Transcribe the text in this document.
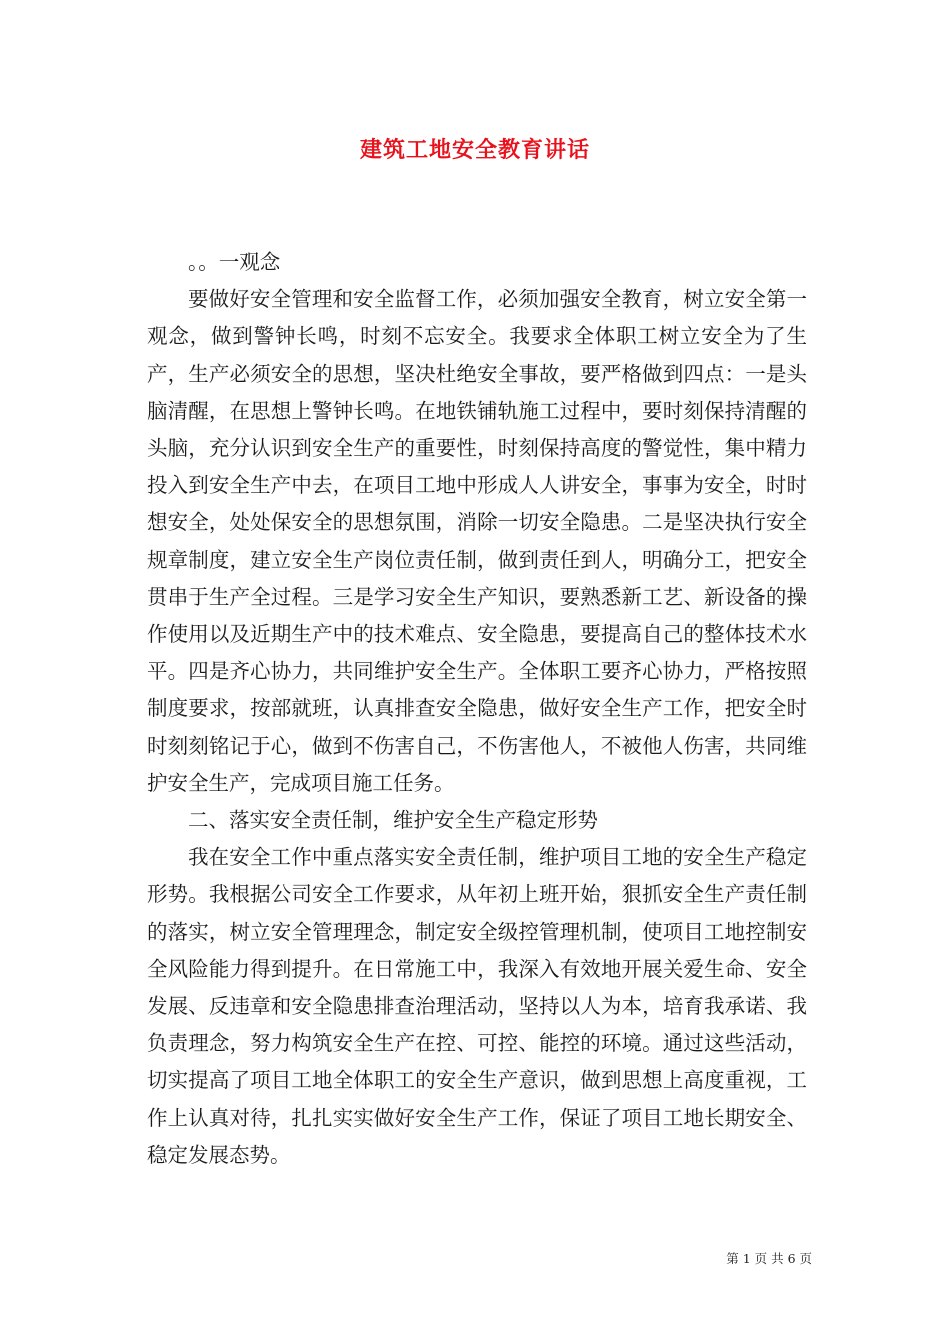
建筑工地安全教育讲话

。。一观念

要做好安全管理和安全监督工作，必须加强安全教育，树立安全第一观念，做到警钟长鸣，时刻不忘安全。我要求全体职工树立安全为了生产，生产必须安全的思想，坚决杜绝安全事故，要严格做到四点：一是头脑清醒，在思想上警钟长鸣。在地铁铺轨施工过程中，要时刻保持清醒的头脑，充分认识到安全生产的重要性，时刻保持高度的警觉性，集中精力投入到安全生产中去，在项目工地中形成人人讲安全，事事为安全，时时想安全，处处保安全的思想氛围，消除一切安全隐患。二是坚决执行安全规章制度，建立安全生产岗位责任制，做到责任到人，明确分工，把安全贯串于生产全过程。三是学习安全生产知识，要熟悉新工艺、新设备的操作使用以及近期生产中的技术难点、安全隐患，要提高自己的整体技术水平。四是齐心协力，共同维护安全生产。全体职工要齐心协力，严格按照制度要求，按部就班，认真排查安全隐患，做好安全生产工作，把安全时时刻刻铭记于心，做到不伤害自己，不伤害他人，不被他人伤害，共同维护安全生产，完成项目施工任务。

二、落实安全责任制，维护安全生产稳定形势

我在安全工作中重点落实安全责任制，维护项目工地的安全生产稳定形势。我根据公司安全工作要求，从年初上班开始，狠抓安全生产责任制的落实，树立安全管理理念，制定安全级控管理机制，使项目工地控制安全风险能力得到提升。在日常施工中，我深入有效地开展关爱生命、安全发展、反违章和安全隐患排查治理活动，坚持以人为本，培育我承诺、我负责理念，努力构筑安全生产在控、可控、能控的环境。通过这些活动，切实提高了项目工地全体职工的安全生产意识，做到思想上高度重视，工作上认真对待，扎扎实实做好安全生产工作，保证了项目工地长期安全、稳定发展态势。

第 1 页 共 6 页
